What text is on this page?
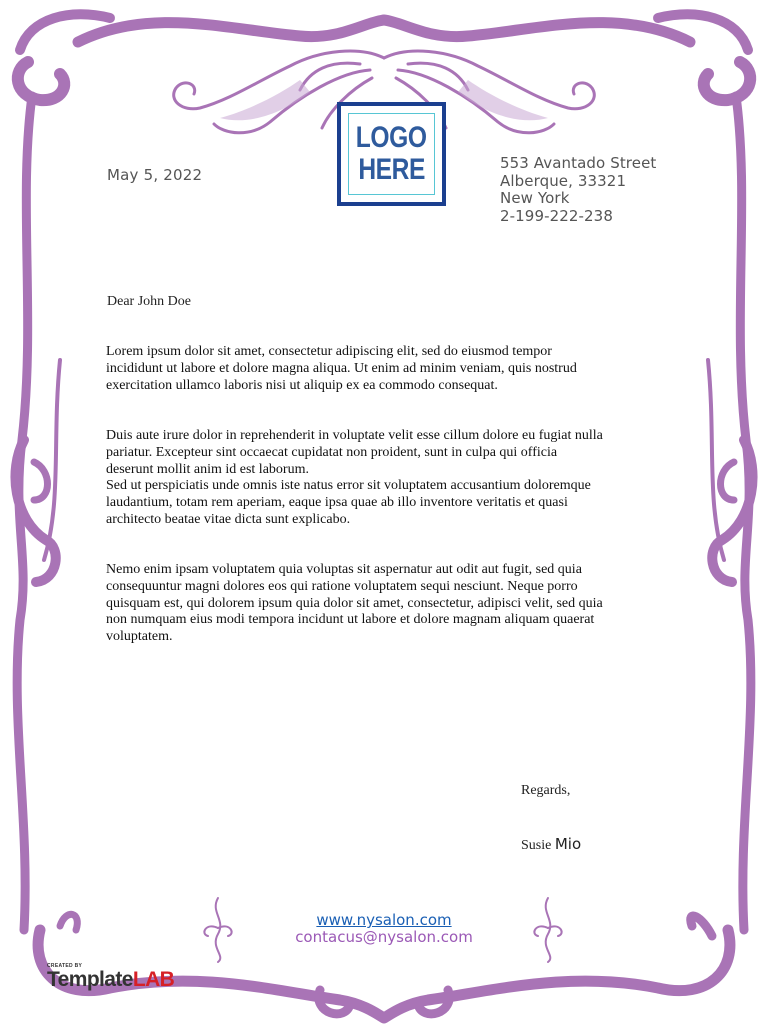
May 5, 2022
LOGO
HERE	553 Avantado Street
Alberque, 33321
New York
2-199-222-238
Dear John Doe
Lorem ipsum dolor sit amet, consectetur adipiscing elit, sed do eiusmod tempor incididunt ut labore et dolore magna aliqua. Ut enim ad minim veniam, quis nostrud exercitation ullamco laboris nisi ut aliquip ex ea commodo consequat.
Duis aute irure dolor in reprehenderit in voluptate velit esse cillum dolore eu fugiat nulla pariatur. Excepteur sint occaecat cupidatat non proident, sunt in culpa qui officia deserunt mollit anim id est laborum.
Sed ut perspiciatis unde omnis iste natus error sit voluptatem accusantium doloremque laudantium, totam rem aperiam, eaque ipsa quae ab illo inventore veritatis et quasi architecto beatae vitae dicta sunt explicabo.
Nemo enim ipsam voluptatem quia voluptas sit aspernatur aut odit aut fugit, sed quia consequuntur magni dolores eos qui ratione voluptatem sequi nesciunt. Neque porro quisquam est, qui dolorem ipsum quia dolor sit amet, consectetur, adipisci velit, sed quia non numquam eius modi tempora incidunt ut labore et dolore magnam aliquam quaerat voluptatem.
Regards,
Susie Mio
www.nysalon.com
contacus@nysalon.com
CREATED BY
TemplateLAB
